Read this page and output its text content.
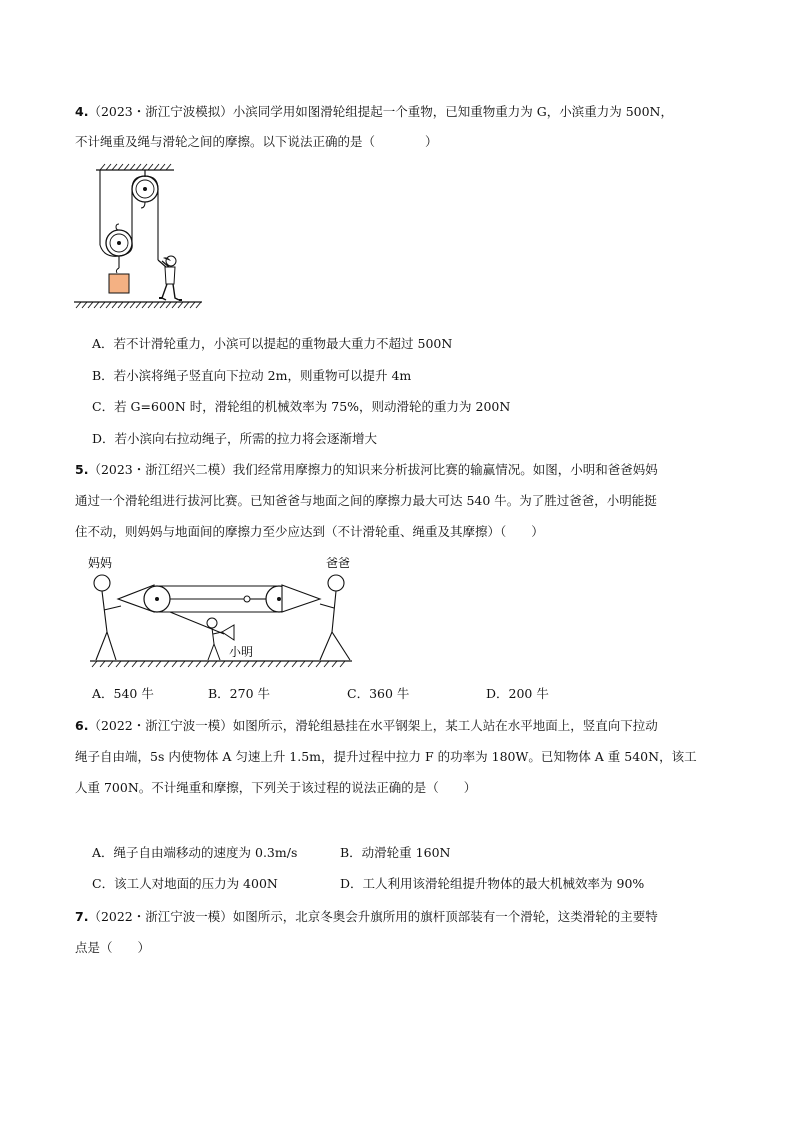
4.（2023・浙江宁波模拟）小滨同学用如图滑轮组提起一个重物，已知重物重力为 G，小滨重力为 500N，
不计绳重及绳与滑轮之间的摩擦。以下说法正确的是（　　　　）
A．若不计滑轮重力，小滨可以提起的重物最大重力不超过 500N
B．若小滨将绳子竖直向下拉动 2m，则重物可以提升 4m
C．若 G=600N 时，滑轮组的机械效率为 75%，则动滑轮的重力为 200N
D．若小滨向右拉动绳子，所需的拉力将会逐渐增大
5.（2023・浙江绍兴二模）我们经常用摩擦力的知识来分析拔河比赛的输赢情况。如图，小明和爸爸妈妈
通过一个滑轮组进行拔河比赛。已知爸爸与地面之间的摩擦力最大可达 540 牛。为了胜过爸爸，小明能挺
住不动，则妈妈与地面间的摩擦力至少应达到（不计滑轮重、绳重及其摩擦）（　　）
妈妈	爸爸
小明
A．540 牛	B．270 牛	C．360 牛	D．200 牛
6.（2022・浙江宁波一模）如图所示，滑轮组悬挂在水平钢架上，某工人站在水平地面上，竖直向下拉动
绳子自由端，5s 内使物体 A 匀速上升 1.5m，提升过程中拉力 F 的功率为 180W。已知物体 A 重 540N，该工
人重 700N。不计绳重和摩擦，下列关于该过程的说法正确的是（　　）
A．绳子自由端移动的速度为 0.3m/s	B．动滑轮重 160N
C．该工人对地面的压力为 400N	D．工人利用该滑轮组提升物体的最大机械效率为 90%
7.（2022・浙江宁波一模）如图所示，北京冬奥会升旗所用的旗杆顶部装有一个滑轮，这类滑轮的主要特
点是（　　）
